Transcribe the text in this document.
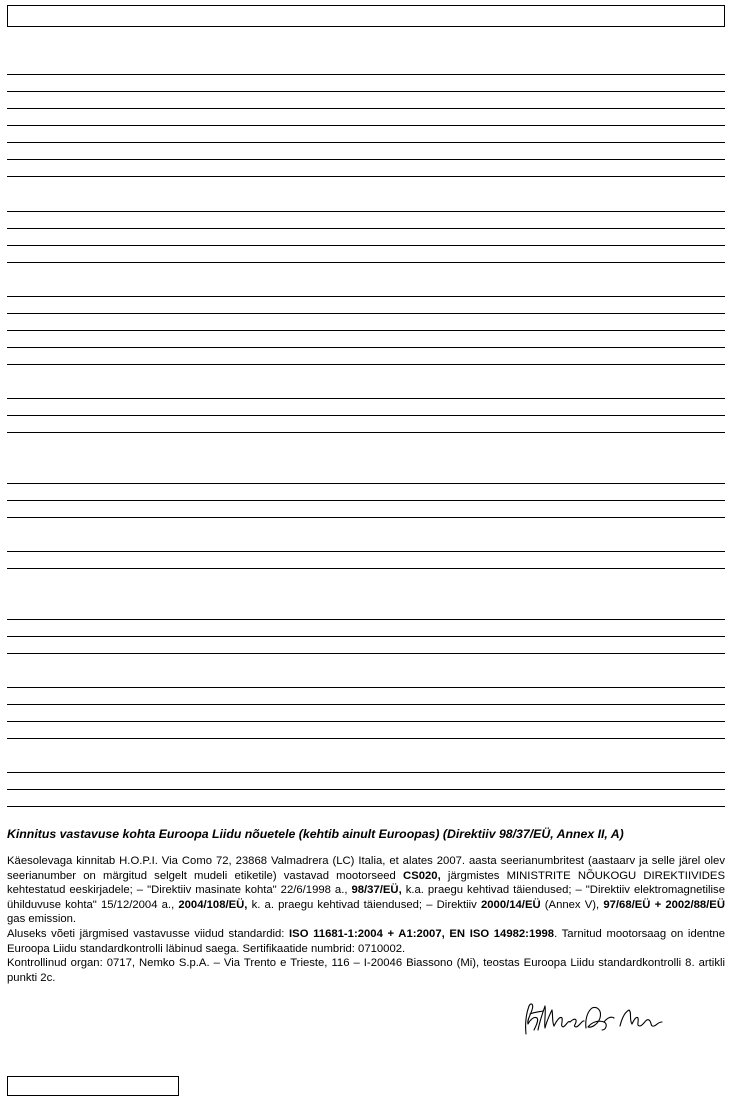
Kinnitus vastavuse kohta Euroopa Liidu nõuetele (kehtib ainult Euroopas) (Direktiiv 98/37/EÜ, Annex II, A)

Käesolevaga kinnitab H.O.P.I. Via Como 72, 23868 Valmadrera (LC) Italia, et alates 2007. aasta seerianumbritest (aastaarv ja selle järel olev seerianumber on märgitud selgelt mudeli etiketile) vastavad mootorseed CS020, järgmistes MINISTRITE NÕUKOGU DIREKTIIVIDES kehtestatud eeskirjadele; – "Direktiiv masinate kohta" 22/6/1998 a., 98/37/EÜ, k.a. praegu kehtivad täiendused; – "Direktiiv elektromagnetilise ühilduvuse kohta" 15/12/2004 a., 2004/108/EÜ, k. a. praegu kehtivad täiendused; – Direktiiv 2000/14/EÜ (Annex V), 97/68/EÜ + 2002/88/EÜ gas emission.

Aluseks võeti järgmised vastavusse viidud standardid: ISO 11681-1:2004 + A1:2007, EN ISO 14982:1998. Tarnitud mootorsaag on identne Euroopa Liidu standardkontrolli läbinud saega. Sertifikaatide numbrid: 0710002.

Kontrollinud organ: 0717, Nemko S.p.A. – Via Trento e Trieste, 116 – I-20046 Biassono (Mi), teostas Euroopa Liidu standardkontrolli 8. artikli punkti 2c.
